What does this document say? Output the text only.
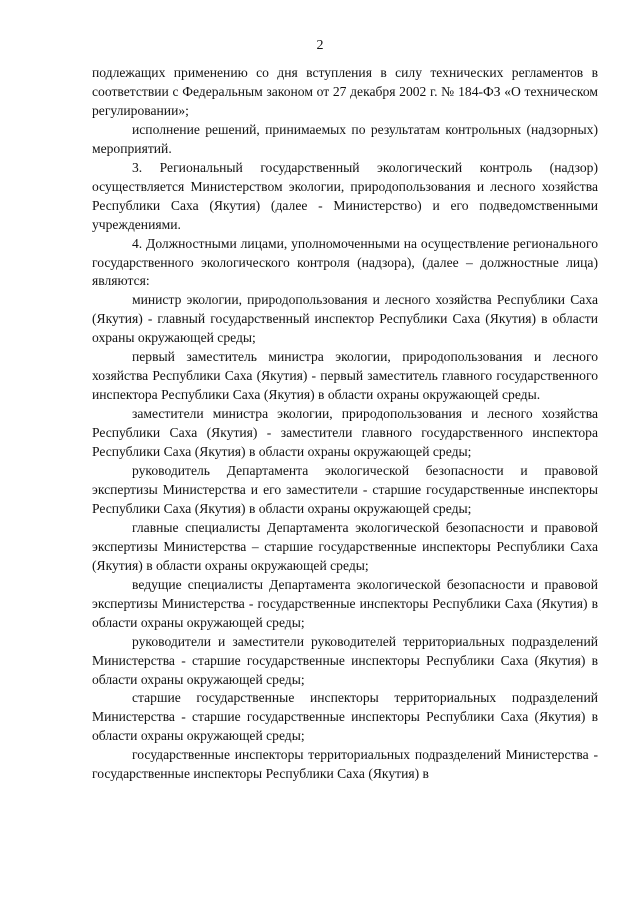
2

подлежащих применению со дня вступления в силу технических регламентов в соответствии с Федеральным законом от 27 декабря 2002 г. № 184-ФЗ «О техническом регулировании»;

исполнение решений, принимаемых по результатам контрольных (надзорных) мероприятий.

3. Региональный государственный экологический контроль (надзор) осуществляется Министерством экологии, природопользования и лесного хозяйства Республики Саха (Якутия) (далее - Министерство) и его подведомственными учреждениями.

4. Должностными лицами, уполномоченными на осуществление регионального государственного экологического контроля (надзора), (далее – должностные лица) являются:

министр экологии, природопользования и лесного хозяйства Республики Саха (Якутия) - главный государственный инспектор Республики Саха (Якутия) в области охраны окружающей среды;

первый заместитель министра экологии, природопользования и лесного хозяйства Республики Саха (Якутия) - первый заместитель главного государственного инспектора Республики Саха (Якутия) в области охраны окружающей среды.

заместители министра экологии, природопользования и лесного хозяйства Республики Саха (Якутия) - заместители главного государственного инспектора Республики Саха (Якутия) в области охраны окружающей среды;

руководитель Департамента экологической безопасности и правовой экспертизы Министерства и его заместители - старшие государственные инспекторы Республики Саха (Якутия) в области охраны окружающей среды;

главные специалисты Департамента экологической безопасности и правовой экспертизы Министерства – старшие государственные инспекторы Республики Саха (Якутия) в области охраны окружающей среды;

ведущие специалисты Департамента экологической безопасности и правовой экспертизы Министерства - государственные инспекторы Республики Саха (Якутия) в области охраны окружающей среды;

руководители и заместители руководителей территориальных подразделений Министерства - старшие государственные инспекторы Республики Саха (Якутия) в области охраны окружающей среды;

старшие государственные инспекторы территориальных подразделений Министерства - старшие государственные инспекторы Республики Саха (Якутия) в области охраны окружающей среды;

государственные инспекторы территориальных подразделений Министерства - государственные инспекторы Республики Саха (Якутия) в
